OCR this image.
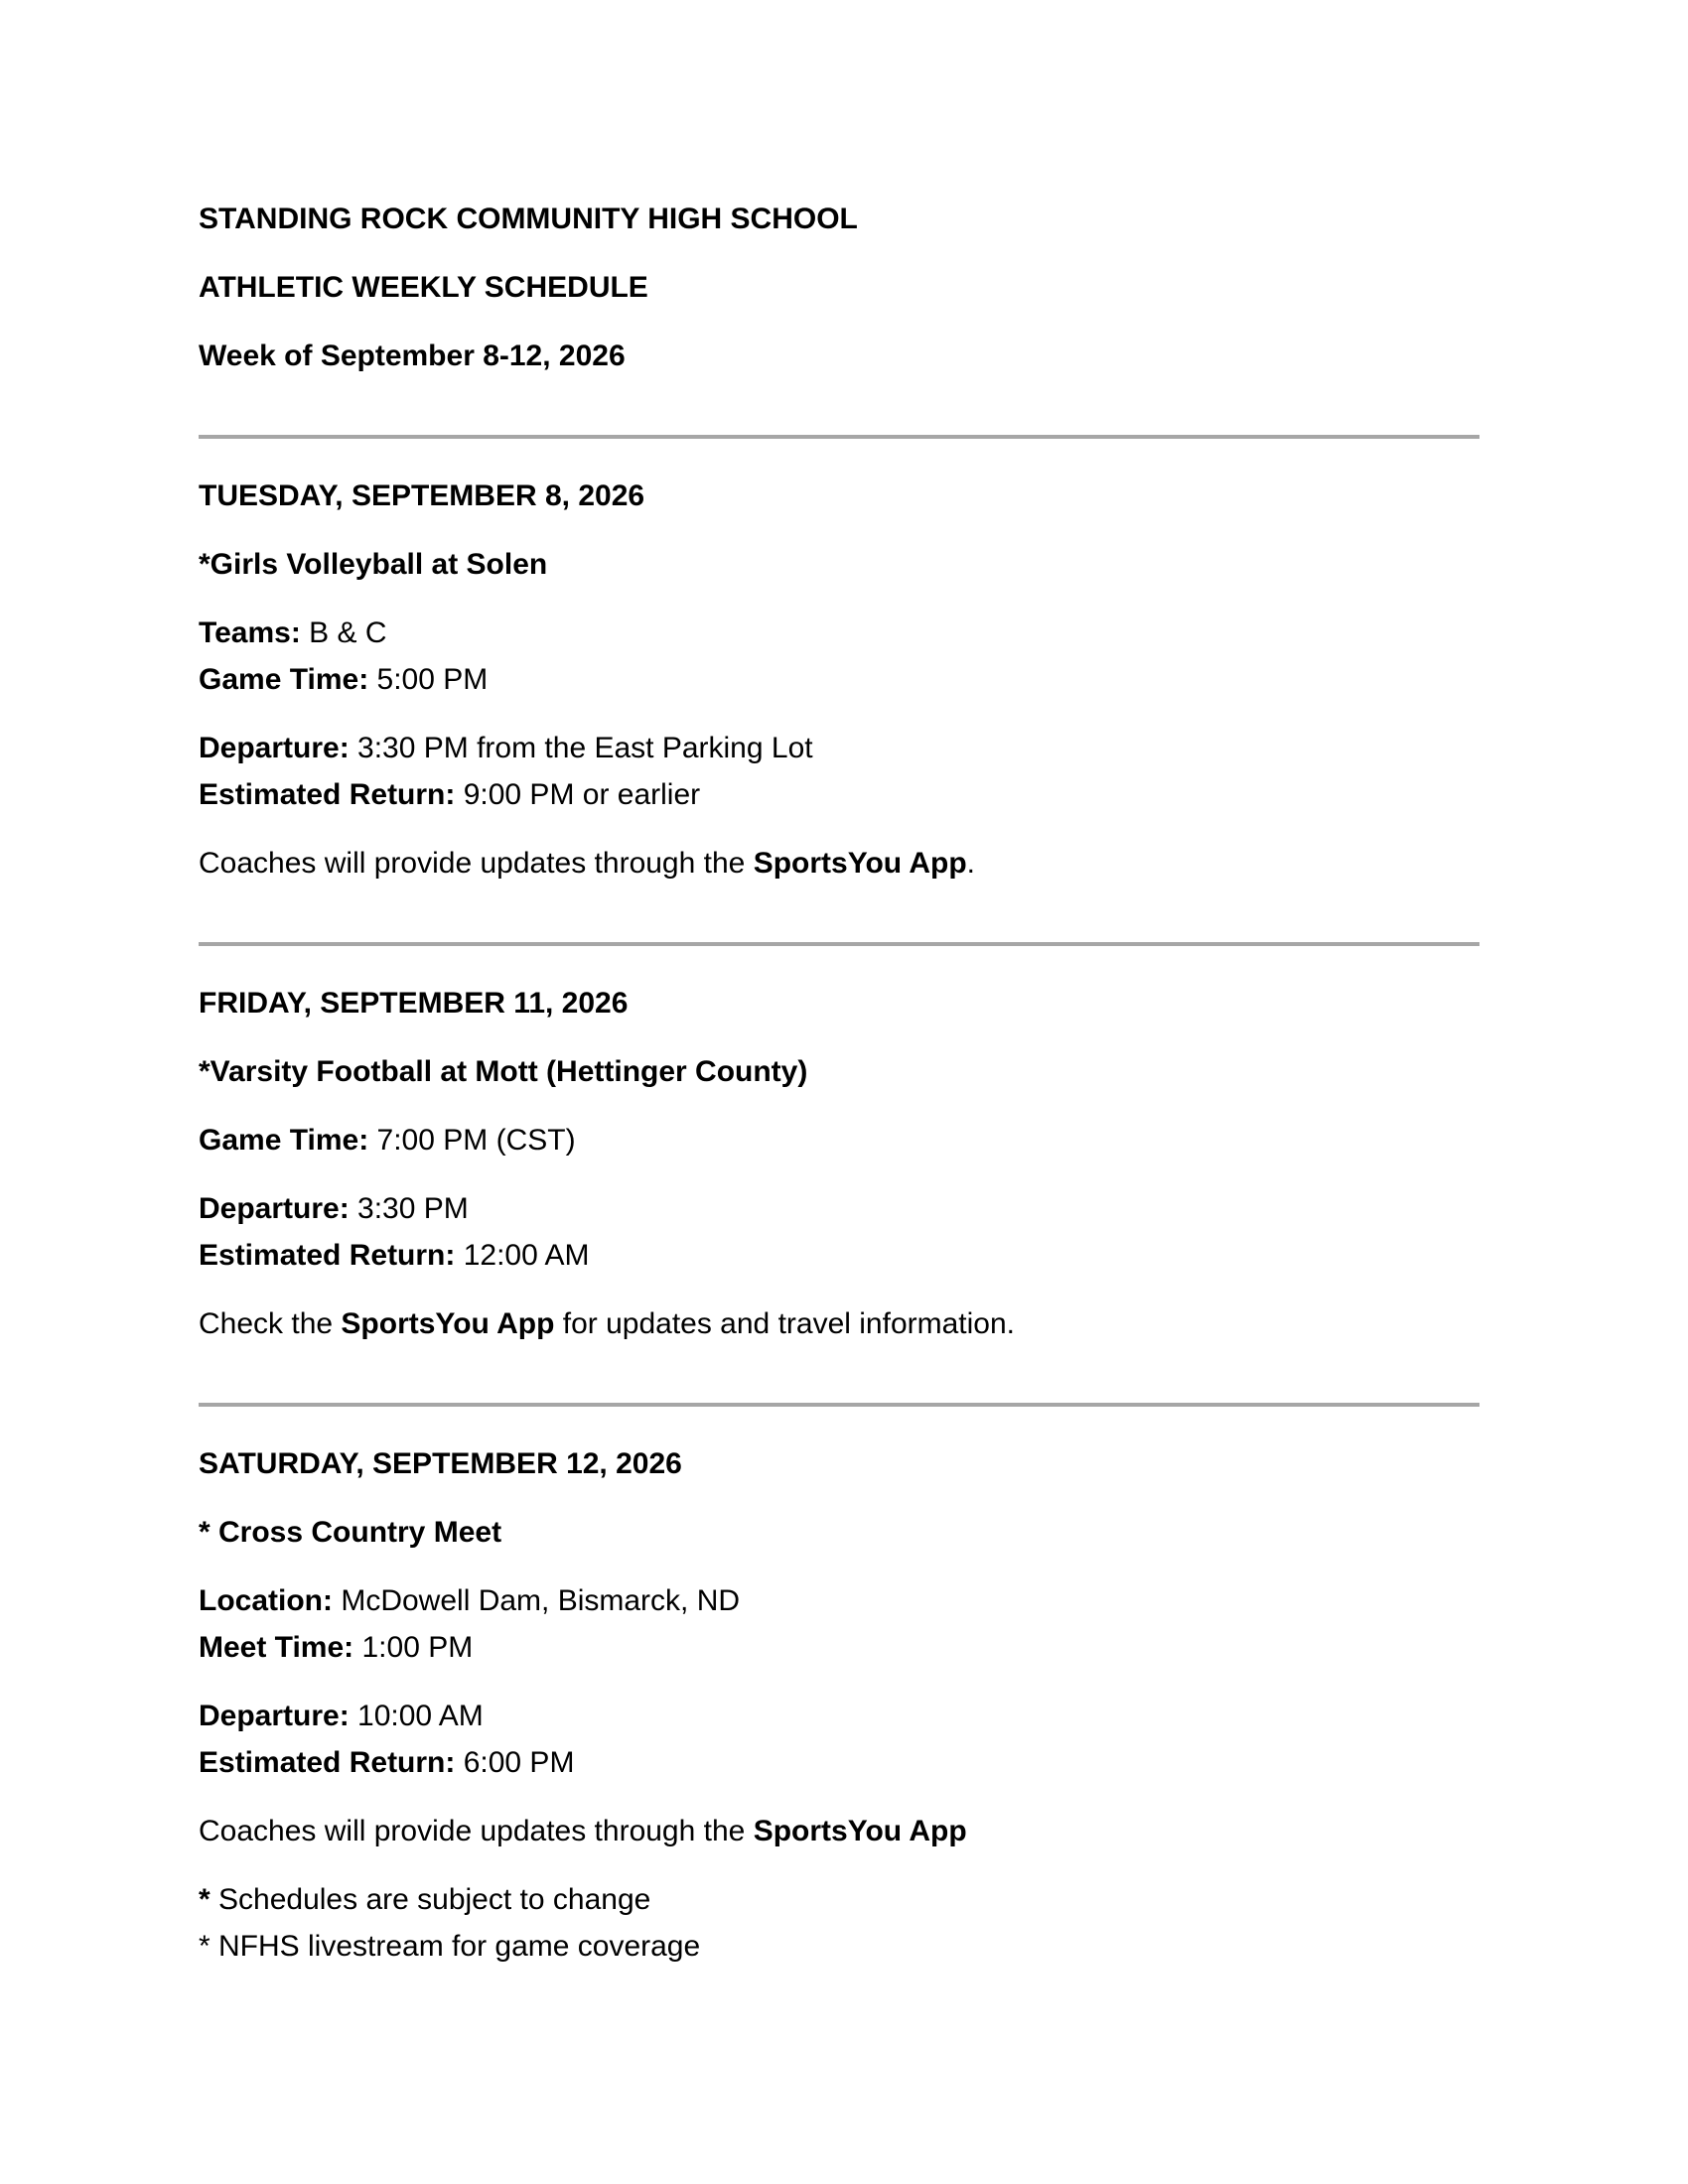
STANDING ROCK COMMUNITY HIGH SCHOOL
ATHLETIC WEEKLY SCHEDULE
Week of September 8-12, 2026
TUESDAY, SEPTEMBER 8, 2026
*Girls Volleyball at Solen
Teams: B & C
Game Time: 5:00 PM
Departure: 3:30 PM from the East Parking Lot
Estimated Return: 9:00 PM or earlier
Coaches will provide updates through the SportsYou App.
FRIDAY, SEPTEMBER 11, 2026
*Varsity Football at Mott (Hettinger County)
Game Time: 7:00 PM (CST)
Departure: 3:30 PM
Estimated Return: 12:00 AM
Check the SportsYou App for updates and travel information.
SATURDAY, SEPTEMBER 12, 2026
* Cross Country Meet
Location: McDowell Dam, Bismarck, ND
Meet Time: 1:00 PM
Departure: 10:00 AM
Estimated Return: 6:00 PM
Coaches will provide updates through the SportsYou App
* Schedules are subject to change
* NFHS livestream for game coverage
